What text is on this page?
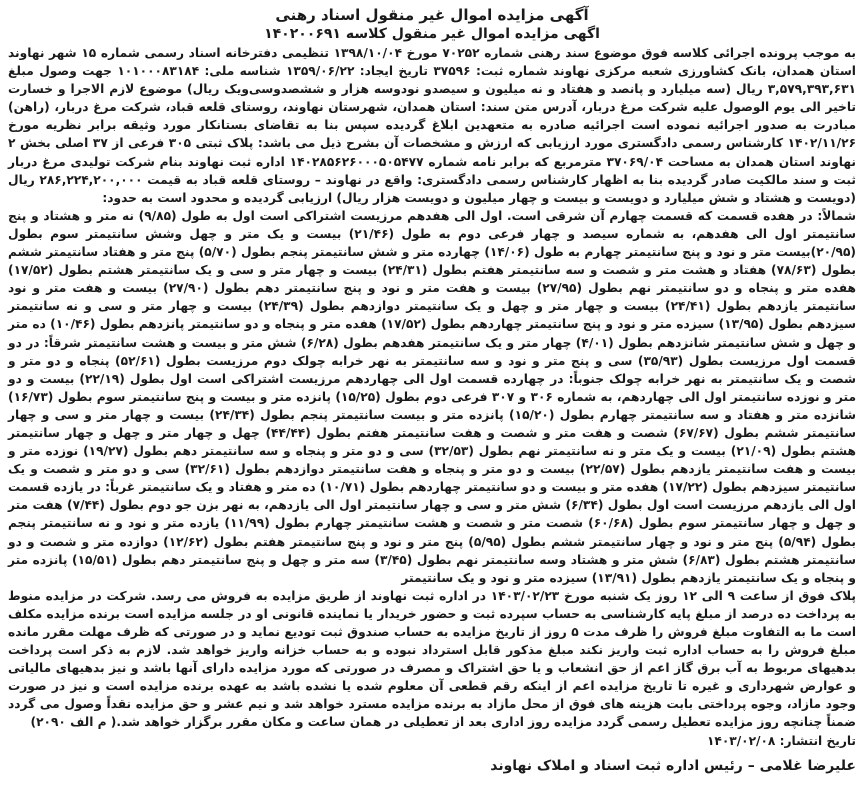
آگهی مزایده اموال غیر منقول اسناد رهنی
اگهی مزایده اموال غیر منقول کلاسه ۱۴۰۲۰۰۶۹۱

به موجب پرونده اجرائی کلاسه فوق موضوع سند رهنی شماره ۷۰۲۵۲ مورخ ۱۳۹۸/۱۰/۰۴ تنظیمی دفترخانه اسناد رسمی شماره ۱۵ شهر نهاوند استان همدان، بانک کشاورزی شعبه مرکزی نهاوند شماره ثبت: ۳۷۵۹۶ تاریخ ایجاد: ۱۳۵۹/۰۶/۲۲ شناسه ملی: ۱۰۱۰۰۰۸۳۱۸۴ جهت وصول مبلغ ۳,۵۷۹,۳۹۳,۶۳۱ ریال (سه میلیارد و پانصد و هفتاد و نه میلیون و سیصدو نودوسه هزار و ششصدوسی‌ویک ریال) موضوع لازم الاجرا و خسارت تاخیر الی یوم الوصول علیه شرکت مرغ دربار، آدرس متن سند: استان همدان، شهرستان نهاوند، روستای قلعه قباد، شرکت مرغ دربار، (راهن) مبادرت به صدور اجرائیه نموده است اجرائیه صادره به متعهدین ابلاغ گردیده سپس بنا به تقاضای بستانکار مورد وثیقه برابر نظریه مورخ ۱۴۰۲/۱۱/۲۶ کارشناس رسمی دادگستری مورد ارزیابی که ارزش و مشخصات آن بشرح ذیل می باشد: پلاک ثبتی ۳۰۵ فرعی از ۳۷ اصلی بخش ۲ نهاوند استان همدان به مساحت ۳۷۰۶۹/۰۴ مترمربع که برابر نامه شماره ۱۴۰۲۸۵۶۲۶۰۰۰۵۰۵۴۷۷ اداره ثبت نهاوند بنام شرکت تولیدی مرغ دربار ثبت و سند مالکیت صادر گردیده بنا به اظهار کارشناس رسمی دادگستری: واقع در نهاوند – روستای قلعه قباد به قیمت ۲۸۶,۲۲۴,۲۰۰,۰۰۰ ریال (دویست و هشتاد و شش میلیارد و دویست و بیست و چهار میلیون و دویست هزار ریال) ارزیابی گردیده و محدود است به حدود:

شمالاً: در هفده قسمت که قسمت چهارم آن شرقی است. اول الی هفدهم مرزیست اشتراکی است اول به طول (۹/۸۵) نه متر و هشتاد و پنج سانتیمتر اول الی هفدهم، به شماره سیصد و چهار فرعی دوم به طول (۲۱/۴۶) بیست و یک متر و چهل وشش سانتیمتر سوم بطول (۲۰/۹۵)بیست متر و نود و پنج سانتیمتر چهارم به طول (۱۴/۰۶) چهارده متر و شش سانتیمتر پنجم بطول (۵/۷۰) پنج متر و هفتاد سانتیمتر ششم بطول (۷۸/۶۳) هفتاد و هشت متر و شصت و سه سانتیمتر هفتم بطول (۲۴/۳۱) بیست و چهار متر و سی و یک سانتیمتر هشتم بطول (۱۷/۵۲) هفده متر و پنجاه و دو سانتیمتر نهم بطول (۲۷/۹۵) بیست و هفت متر و نود و پنج سانتیمتر دهم بطول (۲۷/۹۰) بیست و هفت متر و نود سانتیمتر یازدهم بطول (۲۴/۴۱) بیست و چهار متر و چهل و یک سانتیمتر دوازدهم بطول (۲۴/۳۹) بیست و چهار متر و سی و نه سانتیمتر سیزدهم بطول (۱۳/۹۵) سیزده متر و نود و پنج سانتیمتر چهاردهم بطول (۱۷/۵۲) هفده متر و پنجاه و دو سانتیمتر پانزدهم بطول (۱۰/۴۶) ده متر و چهل و شش سانتیمتر شانزدهم بطول (۴/۰۱) چهار متر و یک سانتیمتر هفدهم بطول (۶/۲۸) شش متر و بیست و هشت سانتیمتر شرقاً: در دو قسمت اول مرزیست بطول (۳۵/۹۳) سی و پنج متر و نود و سه سانتیمتر به نهر خرابه چولک دوم مرزیست بطول (۵۲/۶۱) پنجاه و دو متر و شصت و یک سانتیمتر به نهر خرابه چولک جنوباً: در چهارده قسمت اول الی چهاردهم مرزیست اشتراکی است اول بطول (۲۲/۱۹) بیست و دو متر و نوزده سانتیمتر اول الی چهاردهم، به شماره ۳۰۶ و ۳۰۷ فرعی دوم بطول (۱۵/۲۵) پانزده متر و بیست و پنج سانتیمتر سوم بطول (۱۶/۷۳) شانزده متر و هفتاد و سه سانتیمتر چهارم بطول (۱۵/۲۰) پانزده متر و بیست سانتیمتر پنجم بطول (۲۴/۳۴) بیست و چهار متر و سی و چهار سانتیمتر ششم بطول (۶۷/۶۷) شصت و هفت متر و شصت و هفت سانتیمتر هفتم بطول (۴۴/۴۴) چهل و چهار متر و چهل و چهار سانتیمتر هشتم بطول (۲۱/۰۹) بیست و یک متر و نه سانتیمتر نهم بطول (۳۲/۵۳) سی و دو متر و پنجاه و سه سانتیمتر دهم بطول (۱۹/۲۷) نوزده متر و بیست و هفت سانتیمتر یازدهم بطول (۲۲/۵۷) بیست و دو متر و پنجاه و هفت سانتیمتر دوازدهم بطول (۳۲/۶۱) سی و دو متر و شصت و یک سانتیمتر سیزدهم بطول (۱۷/۲۲) هفده متر و بیست و دو سانتیمتر چهاردهم بطول (۱۰/۷۱) ده متر و هفتاد و یک سانتیمتر غرباً: در یازده قسمت اول الی یازدهم مرزیست است اول بطول (۶/۳۴) شش متر و سی و چهار سانتیمتر اول الی یازدهم، به نهر بزن جو دوم بطول (۷/۴۴) هفت متر و چهل و چهار سانتیمتر سوم بطول (۶۰/۶۸) شصت متر و شصت و هشت سانتیمتر چهارم بطول (۱۱/۹۹) یازده متر و نود و نه سانتیمتر پنجم بطول (۵/۹۴) پنج متر و نود و چهار سانتیمتر ششم بطول (۵/۹۵) پنج متر و نود و پنج سانتیمتر هفتم بطول (۱۲/۶۲) دوازده متر و شصت و دو سانتیمتر هشتم بطول (۶/۸۳) شش متر و هشتاد وسه سانتیمتر نهم بطول (۳/۴۵) سه متر و چهل و پنج سانتیمتر دهم بطول (۱۵/۵۱) پانزده متر و پنجاه و یک سانتیمتر یازدهم بطول (۱۳/۹۱) سیزده متر و نود و یک سانتیمتر

پلاک فوق از ساعت ۹ الی ۱۲ روز یک شنبه مورخ ۱۴۰۳/۰۲/۲۳ در اداره ثبت نهاوند از طریق مزایده به فروش می رسد. شرکت در مزایده منوط به پرداخت ده درصد از مبلغ پایه کارشناسی به حساب سپرده ثبت و حضور خریدار یا نماینده قانونی او در جلسه مزایده است برنده مزایده مکلف است ما به التفاوت مبلغ فروش را ظرف مدت ۵ روز از تاریخ مزایده به حساب صندوق ثبت تودیع نماید و در صورتی که ظرف مهلت مقرر مانده مبلغ فروش را به حساب اداره ثبت واریز نکند مبلغ مذکور قابل استرداد نبوده و به حساب خزانه واریز خواهد شد. لازم به ذکر است پرداخت بدهیهای مربوط به آب برق گاز اعم از حق انشعاب و یا حق اشتراک و مصرف در صورتی که مورد مزایده دارای آنها باشد و نیز بدهیهای مالیاتی و عوارض شهرداری و غیره تا تاریخ مزایده اعم از اینکه رقم قطعی آن معلوم شده یا نشده باشد به عهده برنده مزایده است و نیز در صورت وجود مازاد، وجوه پرداختی بابت هزینه های فوق از محل مازاد به برنده مزایده مسترد خواهد شد و نیم عشر و حق مزایده نقداً وصول می گردد ضمناً چنانچه روز مزایده تعطیل رسمی گردد مزایده روز اداری بعد از تعطیلی در همان ساعت و مکان مقرر برگزار خواهد شد.( م الف ۲۰۹۰)

تاریخ انتشار: ۱۴۰۳/۰۲/۰۸

علیرضا غلامی – رئیس اداره ثبت اسناد و املاک نهاوند
